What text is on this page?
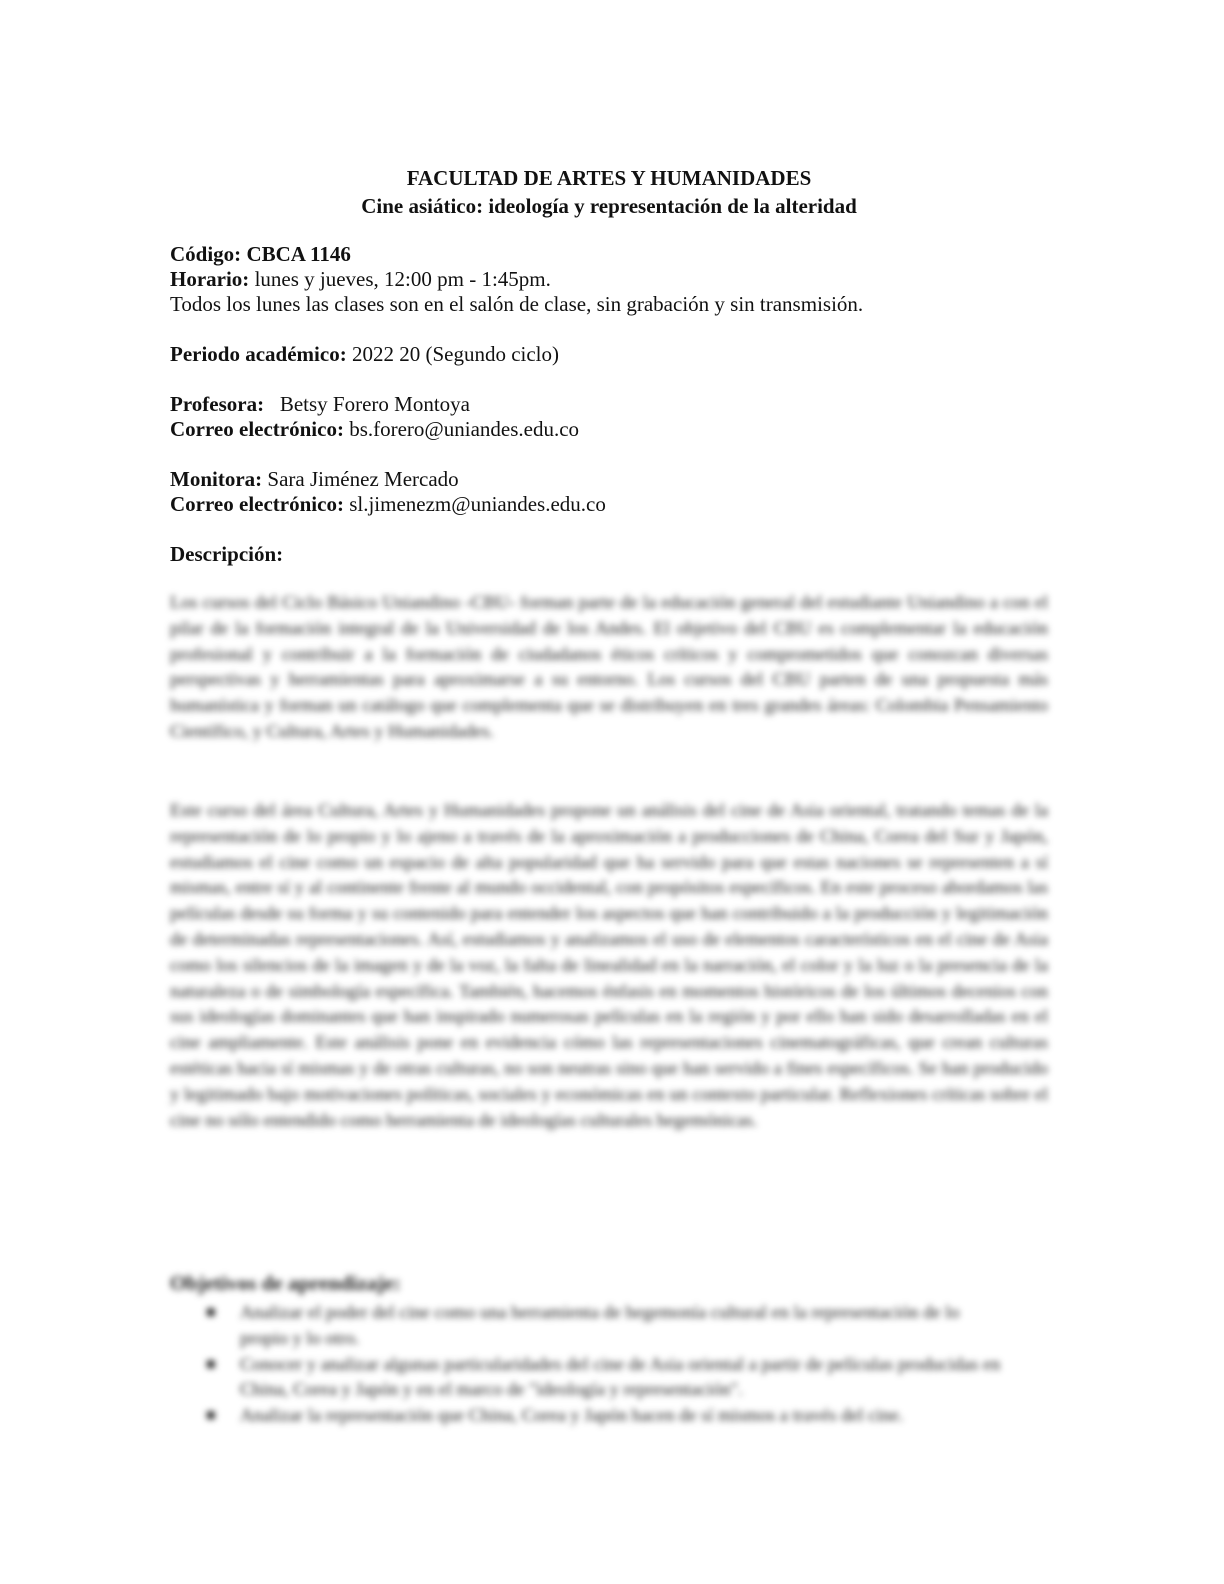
FACULTAD DE ARTES Y HUMANIDADES

Cine asiático: ideología y representación de la alteridad

Código: CBCA 1146

Horario: lunes y jueves, 12:00 pm - 1:45pm.

Todos los lunes las clases son en el salón de clase, sin grabación y sin transmisión.

Periodo académico: 2022 20 (Segundo ciclo)

Profesora: Betsy Forero Montoya

Correo electrónico: bs.forero@uniandes.edu.co

Monitora: Sara Jiménez Mercado

Correo electrónico: sl.jimenezm@uniandes.edu.co

Descripción:

Los cursos del Ciclo Básico Uniandino -CBU- forman parte de la educación general del estudiante Uniandino a con el pilar de la formación integral de la Universidad de los Andes. El objetivo del CBU es complementar la educación profesional y contribuir a la formación de ciudadanos éticos críticos y comprometidos que conozcan diversas perspectivas y herramientas para aproximarse a su entorno. Los cursos del CBU parten de una propuesta más humanística y forman un catálogo que complementa que se distribuyen en tres grandes áreas: Colombia Pensamiento Científico, y Cultura, Artes y Humanidades.

Este curso del área Cultura, Artes y Humanidades propone un análisis del cine de Asia oriental, tratando temas de la representación de lo propio y lo ajeno a través de la aproximación a producciones de China, Corea del Sur y Japón, estudiamos el cine como un espacio de alta popularidad que ha servido para que estas naciones se representen a sí mismas, entre sí y al continente frente al mundo occidental, con propósitos específicos. En este proceso abordamos las películas desde su forma y su contenido para entender los aspectos que han contribuido a la producción y legitimación de determinadas representaciones. Así, estudiamos y analizamos el uso de elementos característicos en el cine de Asia como los silencios de la imagen y de la voz, la falta de linealidad en la narración, el color y la luz o la presencia de la naturaleza o de simbología específica. También, hacemos énfasis en momentos históricos de los últimos decenios con sus ideologías dominantes que han inspirado numerosas películas en la región y por ello han sido desarrolladas en el cine ampliamente. Este análisis pone en evidencia cómo las representaciones cinematográficas, que crean culturas estéticas hacia sí mismas y de otras culturas, no son neutras sino que han servido a fines específicos. Se han producido y legitimado bajo motivaciones políticas, sociales y económicas en un contexto particular. Reflexiones críticas sobre el cine no sólo entendido como herramienta de ideologías culturales hegemónicas.

Objetivos de aprendizaje:

■ Analizar el poder del cine como una herramienta de hegemonía cultural en la representación de lo propio y lo otro.
■ Conocer y analizar algunas particularidades del cine de Asia oriental a partir de películas producidas en China, Corea y Japón y en el marco de "ideología y representación".
■ Analizar la representación que China, Corea y Japón hacen de sí mismos a través del cine.
